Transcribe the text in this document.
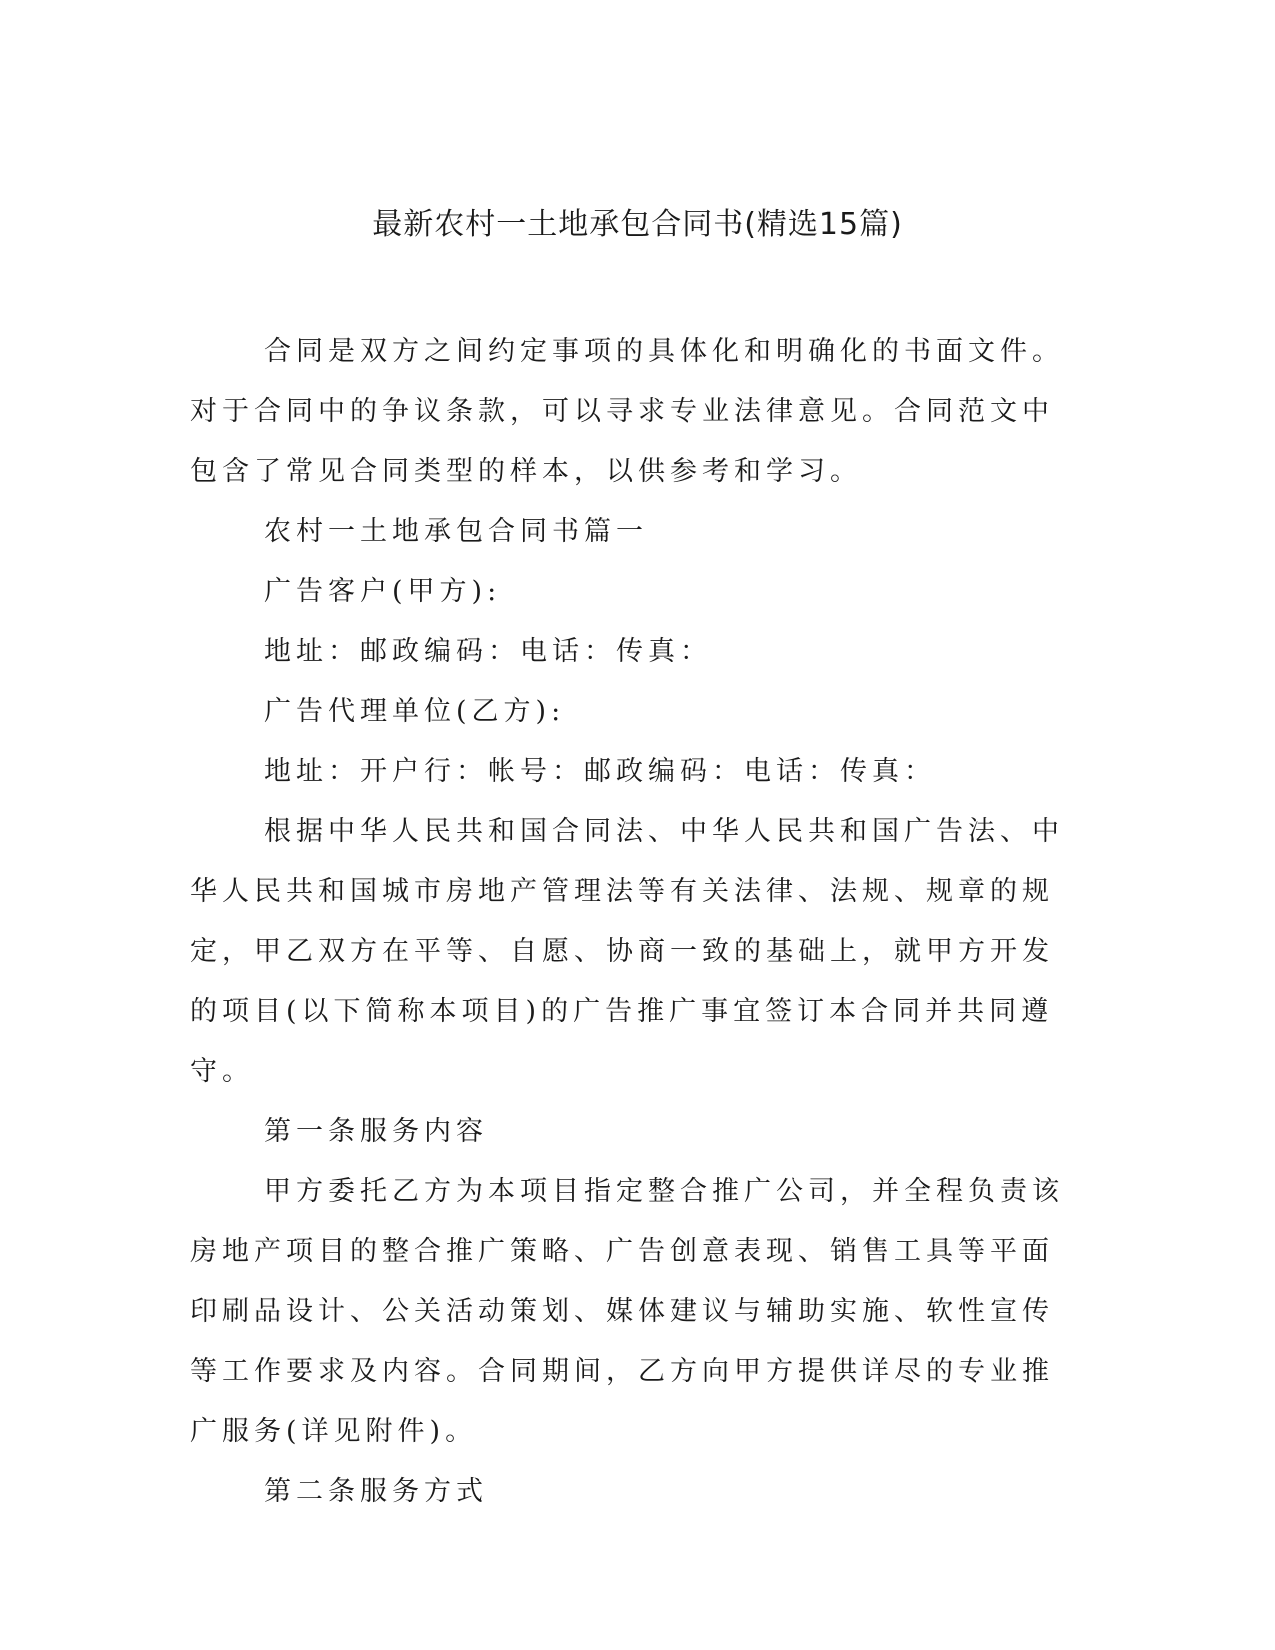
最新农村一土地承包合同书(精选15篇)

合同是双方之间约定事项的具体化和明确化的书面文件。对于合同中的争议条款，可以寻求专业法律意见。合同范文中包含了常见合同类型的样本，以供参考和学习。

农村一土地承包合同书篇一

广告客户(甲方):

地址：邮政编码：电话：传真：

广告代理单位(乙方):

地址：开户行：帐号：邮政编码：电话：传真：

根据中华人民共和国合同法、中华人民共和国广告法、中华人民共和国城市房地产管理法等有关法律、法规、规章的规定，甲乙双方在平等、自愿、协商一致的基础上，就甲方开发的项目(以下简称本项目)的广告推广事宜签订本合同并共同遵守。

第一条服务内容

甲方委托乙方为本项目指定整合推广公司，并全程负责该房地产项目的整合推广策略、广告创意表现、销售工具等平面印刷品设计、公关活动策划、媒体建议与辅助实施、软性宣传等工作要求及内容。合同期间，乙方向甲方提供详尽的专业推广服务(详见附件)。

第二条服务方式
